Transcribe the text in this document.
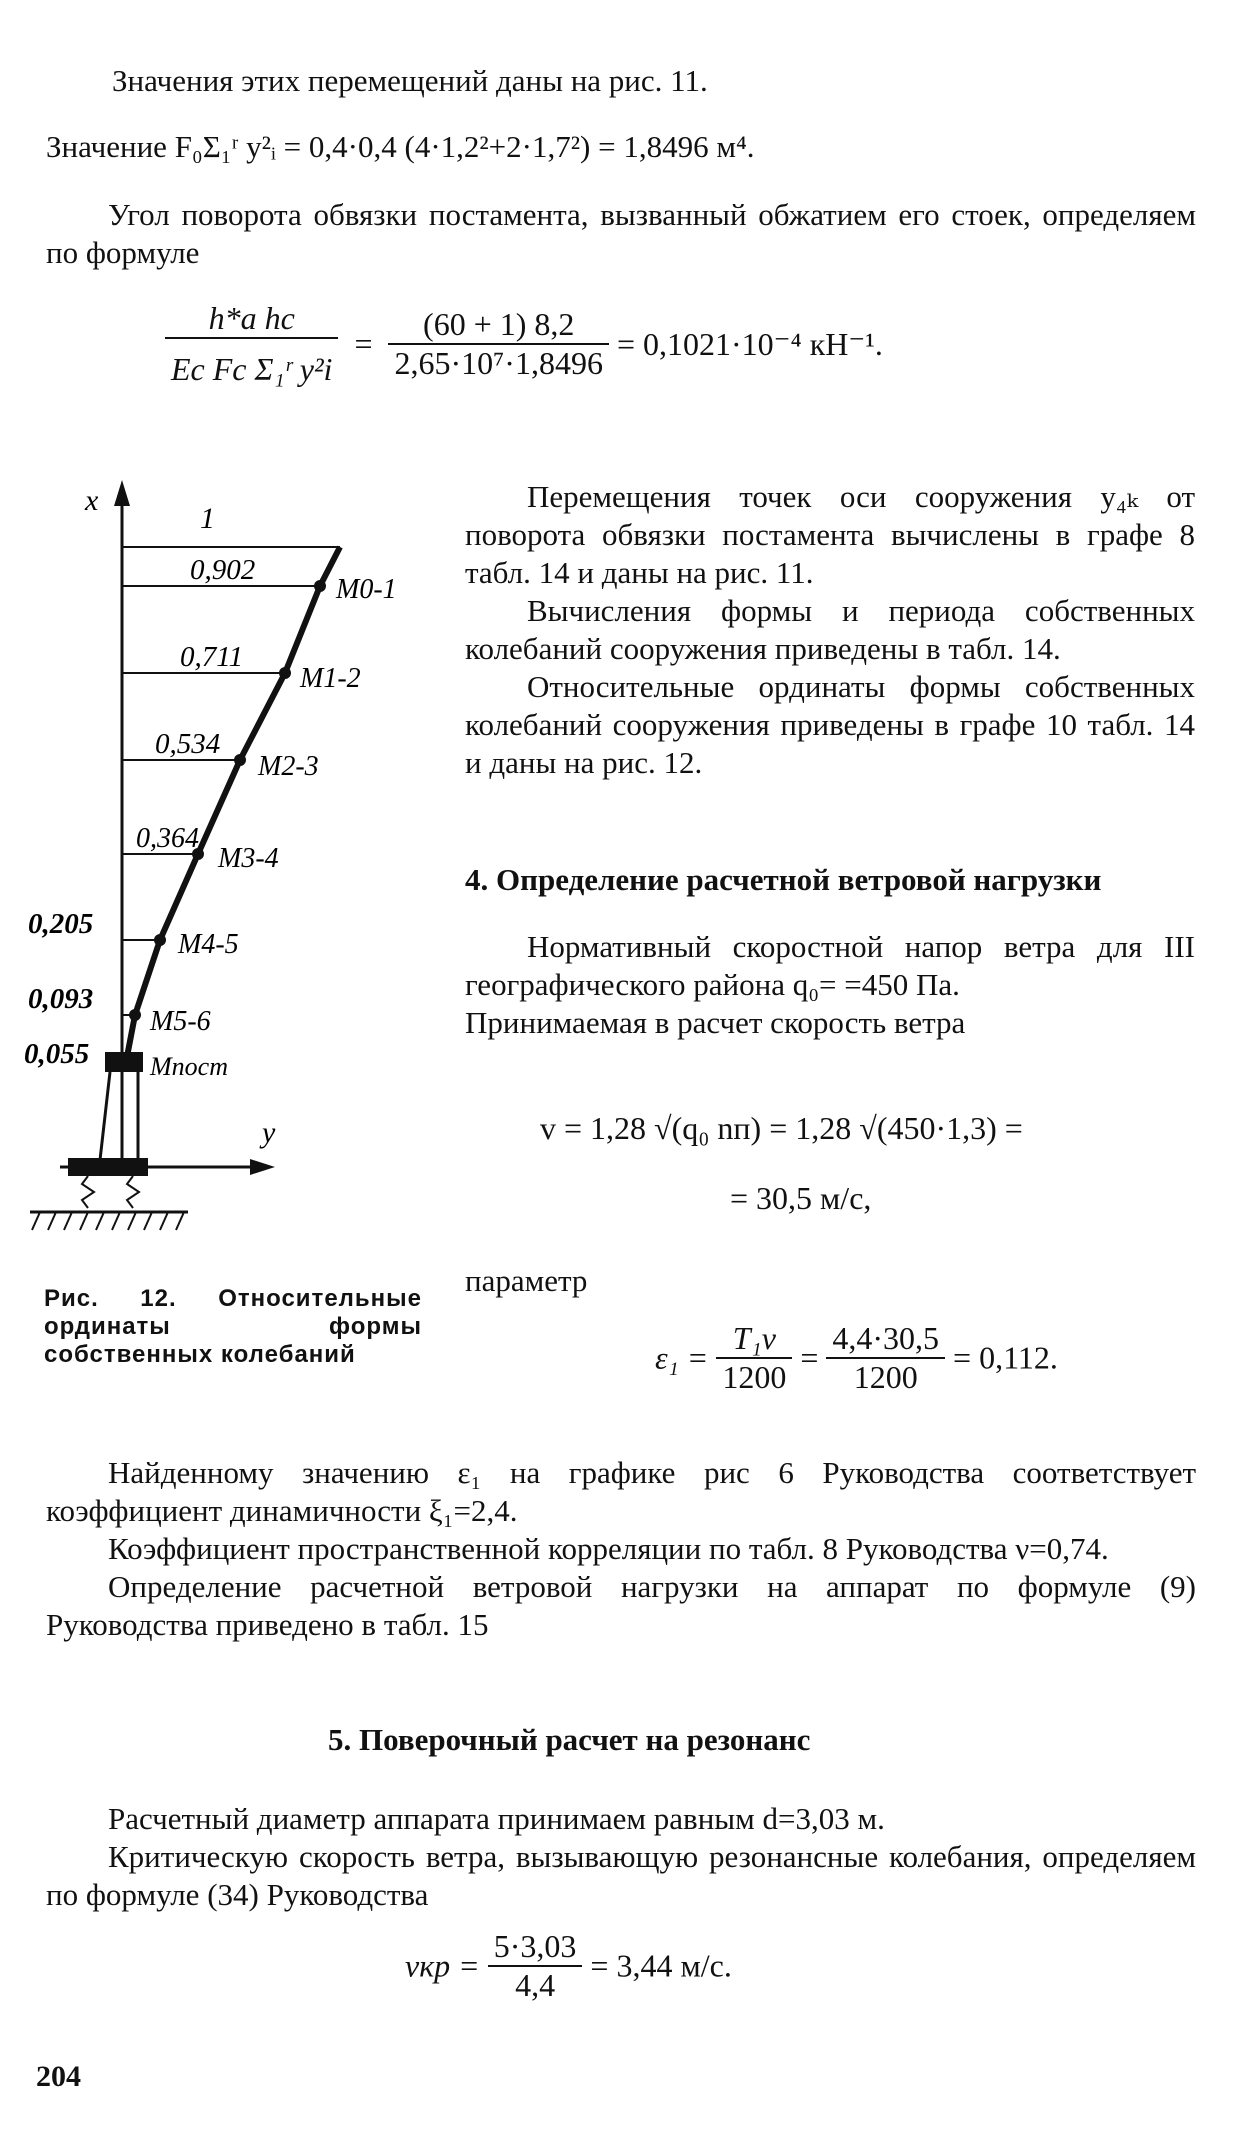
Значения этих перемещений даны на рис. 11.
Значение F₀Σ₁ʳ y²ᵢ = 0,4·0,4 (4·1,2²+2·1,7²) = 1,8496 м⁴.
Угол поворота обвязки постамента, вызванный обжатием его стоек, определяем по формуле
$\frac{\text{h*a hс}}{\text{Eс Fс Σ₁ʳ y²i}} = \frac{(60 + 1) 8,2}{\text{2,65·10⁷·1,8496}} = 0,1021\cdot 10^{-4}$ кН⁻¹.
x
y
1
0,902
0,711
0,534
0,364
0,205
0,093
0,055
M0-1
M1-2
M2-3
M3-4
M4-5
M5-6
Mпост
Рис. 12. Относительные ординаты формы собственных колебаний

Перемещения точек оси сооружения y₄ₖ от поворота обвязки постамента вычислены в графе 8 табл. 14 и даны на рис. 11.

Вычисления формы и периода собственных колебаний сооружения приведены в табл. 14.

Относительные ординаты формы собственных колебаний сооружения приведены в графе 10 табл. 14 и даны на рис. 12.

4. Определение расчетной ветровой нагрузки

Нормативный скоростной напор ветра для III географического района q₀= =450 Па.

Принимаемая в расчет скорость ветра

v = 1,28 √(q₀ nп) = 1,28 √(450·1,3) =
= 30,5 м/с,
параметр
$\varepsilon_1 = \frac{\text{T₁v}}{1200} = \frac{4,4\cdot 30,5}{1200} = 0,112$.

Найденному значению ε₁ на графике рис 6 Руководства соответствует коэффициент динамичности ξ₁=2,4.

Коэффициент пространственной корреляции по табл. 8 Руководства ν=0,74.

Определение расчетной ветровой нагрузки на аппарат по формуле (9) Руководства приведено в табл. 15

5. Поверочный расчет на резонанс

Расчетный диаметр аппарата принимаем равным d=3,03 м.

Критическую скорость ветра, вызывающую резонансные колебания, определяем по формуле (34) Руководства

vкр = $\frac{5\cdot 3,03}{4,4} = 3,44$ м/с.
204
